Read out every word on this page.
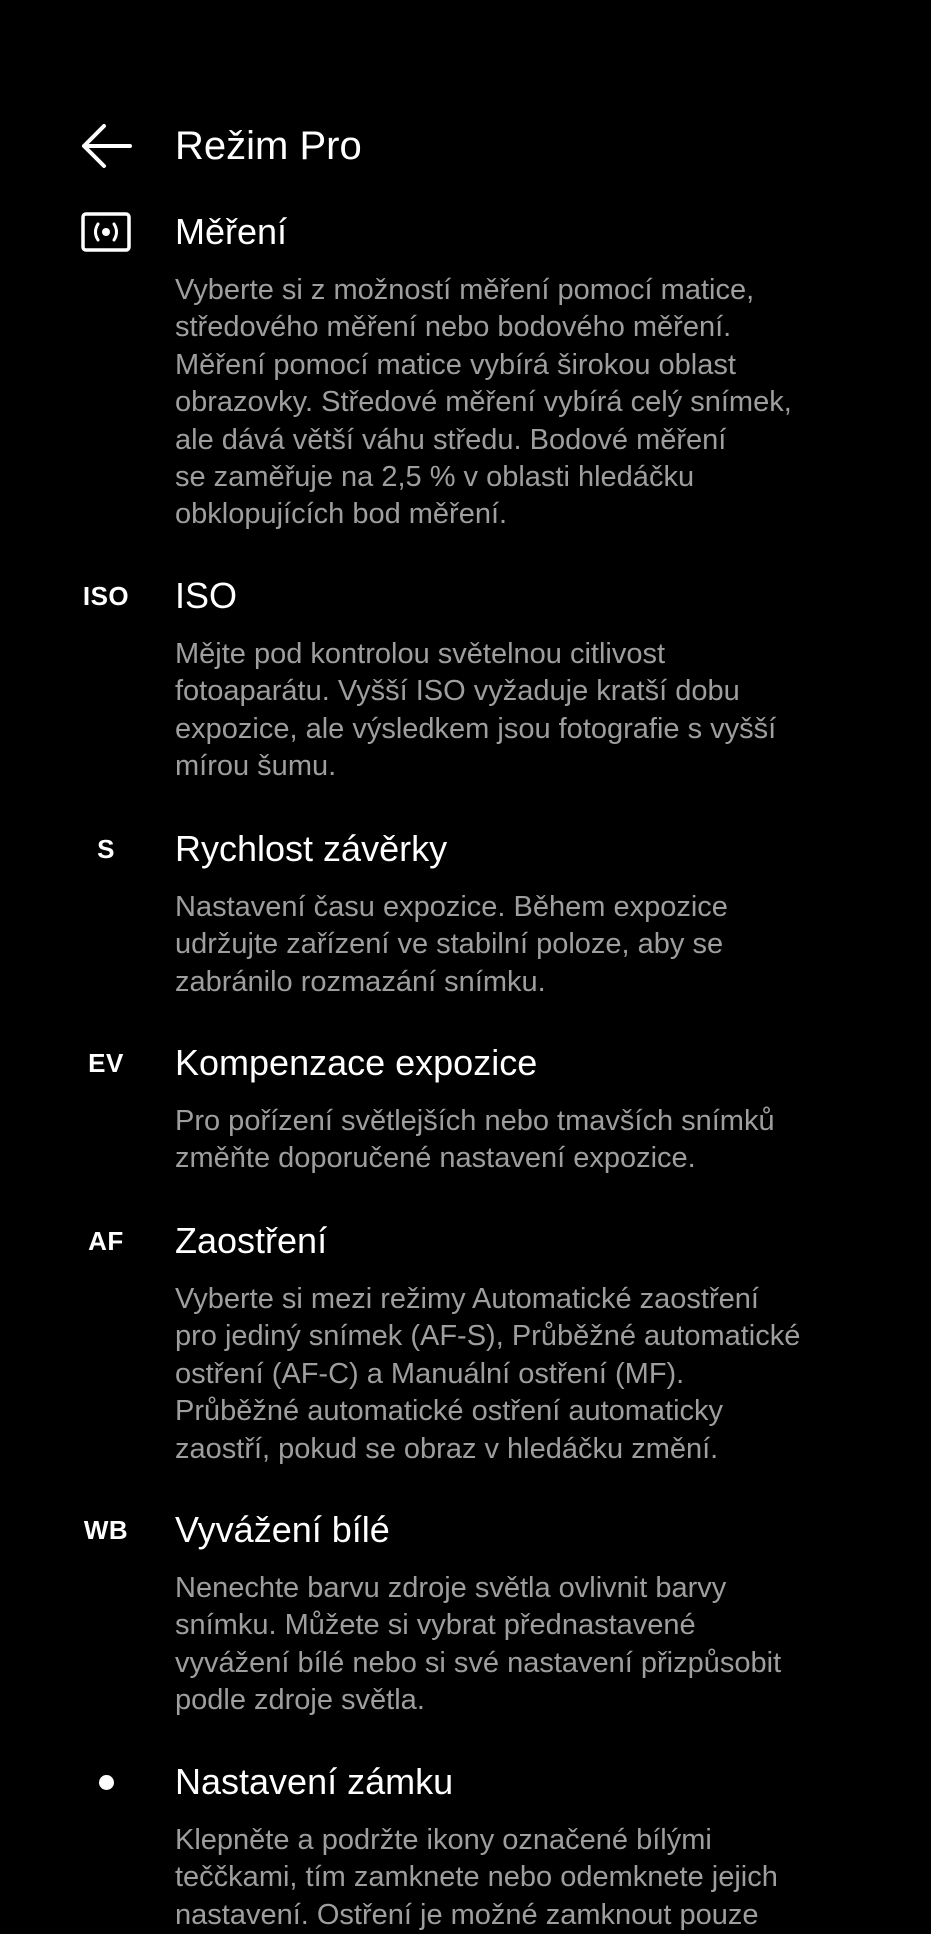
Režim Pro
Měření
Vyberte si z možností měření pomocí matice,
středového měření nebo bodového měření.
Měření pomocí matice vybírá širokou oblast
obrazovky. Středové měření vybírá celý snímek,
ale dává větší váhu středu. Bodové měření
se zaměřuje na 2,5 % v oblasti hledáčku
obklopujících bod měření.
ISO ISO
Mějte pod kontrolou světelnou citlivost
fotoaparátu. Vyšší ISO vyžaduje kratší dobu
expozice, ale výsledkem jsou fotografie s vyšší
mírou šumu.
S	Rychlost závěrky
Nastavení času expozice. Během expozice
udržujte zařízení ve stabilní poloze, aby se
zabránilo rozmazání snímku.
EV	Kompenzace expozice
Pro pořízení světlejších nebo tmavších snímků
změňte doporučené nastavení expozice.
AF	Zaostření
Vyberte si mezi režimy Automatické zaostření
pro jediný snímek (AF-S), Průběžné automatické
ostření (AF-C) a Manuální ostření (MF).
Průběžné automatické ostření automaticky
zaostří, pokud se obraz v hledáčku změní.
WB Vyvážení bílé
Nenechte barvu zdroje světla ovlivnit barvy
snímku. Můžete si vybrat přednastavené
vyvážení bílé nebo si své nastavení přizpůsobit
podle zdroje světla.
Nastavení zámku
Klepněte a podržte ikony označené bílými
teččkami, tím zamknete nebo odemknete jejich
nastavení. Ostření je možné zamknout pouze
